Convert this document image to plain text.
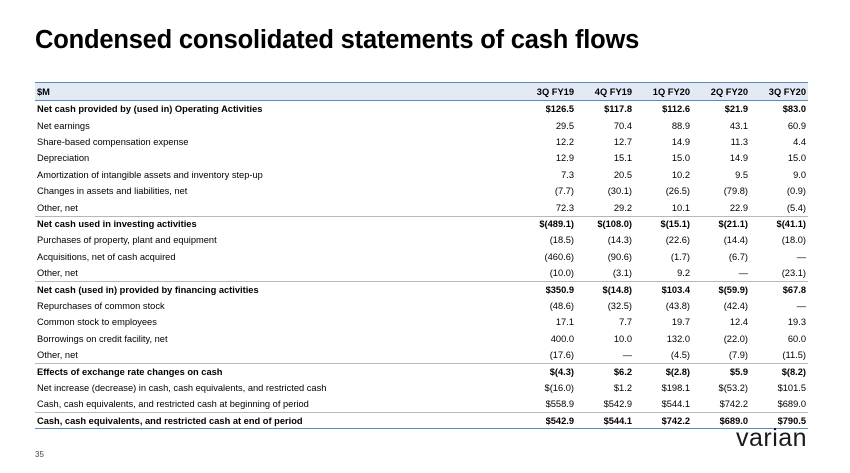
Condensed consolidated statements of cash flows
$M	3Q FY19	4Q FY19	1Q FY20	2Q FY20	3Q FY20
Net cash provided by (used in) Operating Activities	$126.5	$117.8	$112.6	$21.9	$83.0
Net earnings	29.5	70.4	88.9	43.1	60.9
Share-based compensation expense	12.2	12.7	14.9	11.3	4.4
Depreciation	12.9	15.1	15.0	14.9	15.0
Amortization of intangible assets and inventory step-up	7.3	20.5	10.2	9.5	9.0
Changes in assets and liabilities, net	(7.7)	(30.1)	(26.5)	(79.8)	(0.9)
Other, net	72.3	29.2	10.1	22.9	(5.4)
Net cash used in investing activities	$(489.1)	$(108.0)	$(15.1)	$(21.1)	$(41.1)
Purchases of property, plant and equipment	(18.5)	(14.3)	(22.6)	(14.4)	(18.0)
Acquisitions, net of cash acquired	(460.6)	(90.6)	(1.7)	(6.7)	—
Other, net	(10.0)	(3.1)	9.2	—	(23.1)
Net cash (used in) provided by financing activities	$350.9	$(14.8)	$103.4	$(59.9)	$67.8
Repurchases of common stock	(48.6)	(32.5)	(43.8)	(42.4)	—
Common stock to employees	17.1	7.7	19.7	12.4	19.3
Borrowings on credit facility, net	400.0	10.0	132.0	(22.0)	60.0
Other, net	(17.6)	—	(4.5)	(7.9)	(11.5)
Effects of exchange rate changes on cash	$(4.3)	$6.2	$(2.8)	$5.9	$(8.2)
Net increase (decrease) in cash, cash equivalents, and restricted cash	$(16.0)	$1.2	$198.1	$(53.2)	$101.5
Cash, cash equivalents, and restricted cash at beginning of period	$558.9	$542.9	$544.1	$742.2	$689.0
Cash, cash equivalents, and restricted cash at end of period	$542.9	$544.1	$742.2	$689.0	$790.5
35
varian
